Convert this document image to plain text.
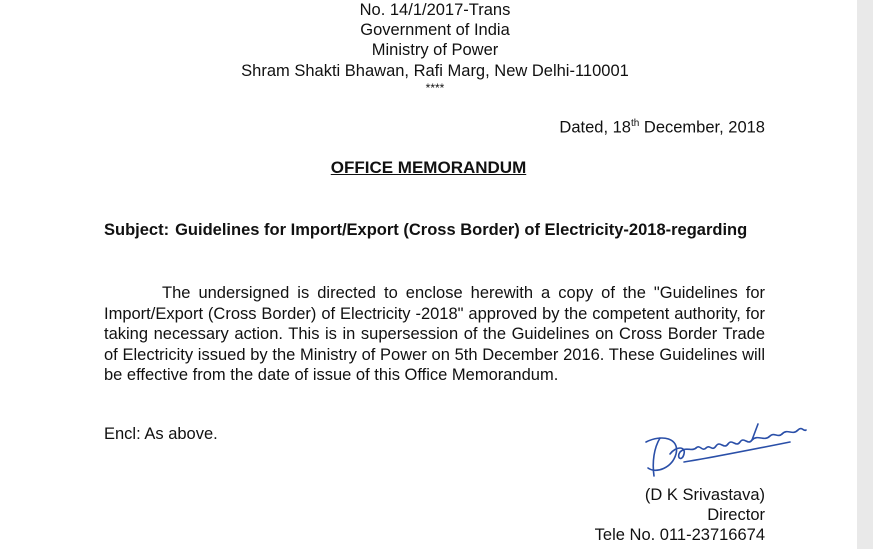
No. 14/1/2017-Trans
Government of India
Ministry of Power
Shram Shakti Bhawan, Rafi Marg, New Delhi-110001
****
Dated, 18th December, 2018
OFFICE MEMORANDUM
Subject: Guidelines for Import/Export (Cross Border) of Electricity-2018-regarding
The undersigned is directed to enclose herewith a copy of the "Guidelines for Import/Export (Cross Border) of Electricity -2018" approved by the competent authority, for taking necessary action. This is in supersession of the Guidelines on Cross Border Trade of Electricity issued by the Ministry of Power on 5th December 2016. These Guidelines will be effective from the date of issue of this Office Memorandum.
Encl: As above.
(D K Srivastava)
Director
Tele No. 011-23716674
